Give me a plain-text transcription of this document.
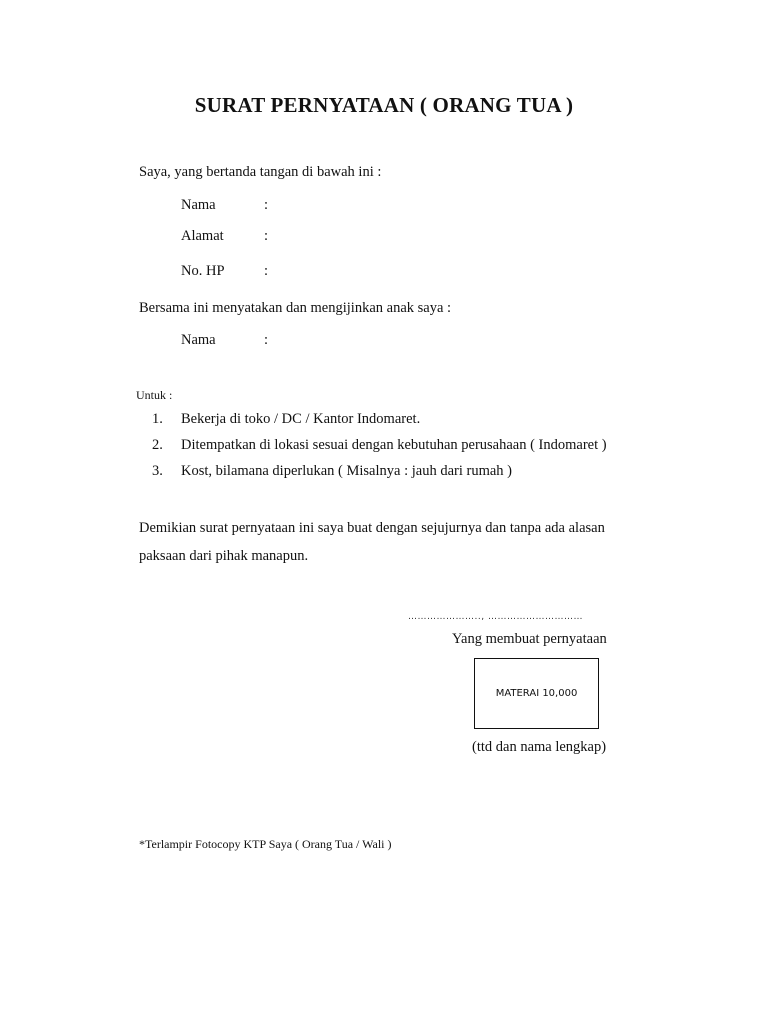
SURAT PERNYATAAN ( ORANG TUA )
Saya, yang bertanda tangan di bawah ini :
Nama	:
Alamat	:
No. HP	:
Bersama ini menyatakan dan mengijinkan anak saya :
Nama	:
Untuk :
1. Bekerja di toko / DC / Kantor Indomaret.
2. Ditempatkan di lokasi sesuai dengan kebutuhan perusahaan ( Indomaret )
3. Kost, bilamana diperlukan ( Misalnya : jauh dari rumah )
Demikian surat pernyataan ini saya buat dengan sejujurnya dan tanpa ada alasan
paksaan dari pihak manapun.
………………….., …………………………
Yang membuat pernyataan
MATERAI 10,000
(ttd dan nama lengkap)
*Terlampir Fotocopy KTP Saya ( Orang Tua / Wali )
